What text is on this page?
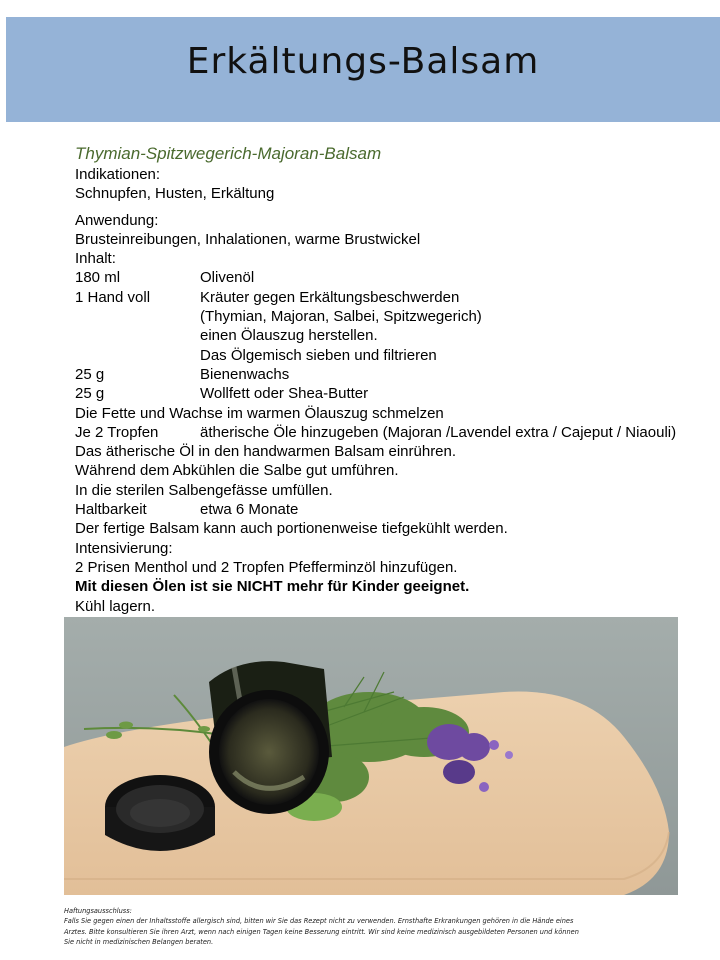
Erkältungs-Balsam
Thymian-Spitzwegerich-Majoran-Balsam
Indikationen:
Schnupfen, Husten, Erkältung
Anwendung:
Brusteinreibungen, Inhalationen, warme Brustwickel
Inhalt:
180 ml	Olivenöl
1 Hand voll	Kräuter gegen Erkältungsbeschwerden
(Thymian, Majoran, Salbei, Spitzwegerich)
einen Ölauszug herstellen.
Das Ölgemisch sieben und filtrieren
25 g	Bienenwachs
25 g	Wollfett oder Shea-Butter
Die Fette und Wachse im warmen Ölauszug schmelzen
Je 2 Tropfen	ätherische Öle hinzugeben (Majoran /Lavendel extra / Cajeput / Niaouli)
Das ätherische Öl in den handwarmen Balsam einrühren.
Während dem Abkühlen die Salbe gut umführen.
In die sterilen Salbengefässe umfüllen.
Haltbarkeit	etwa 6 Monate
Der fertige Balsam kann auch portionenweise tiefgekühlt werden.
Intensivierung:
2 Prisen Menthol und 2 Tropfen Pfefferminzöl hinzufügen.
Mit diesen Ölen ist sie NICHT mehr für Kinder geeignet.
Kühl lagern.
Haftungsausschluss:
Falls Sie gegen einen der Inhaltsstoffe allergisch sind, bitten wir Sie das Rezept nicht zu verwenden. Ernsthafte Erkrankungen gehören in die Hände eines
Arztes. Bitte konsultieren Sie ihren Arzt, wenn nach einigen Tagen keine Besserung eintritt. Wir sind keine medizinisch ausgebildeten Personen und können
Sie nicht in medizinischen Belangen beraten.
